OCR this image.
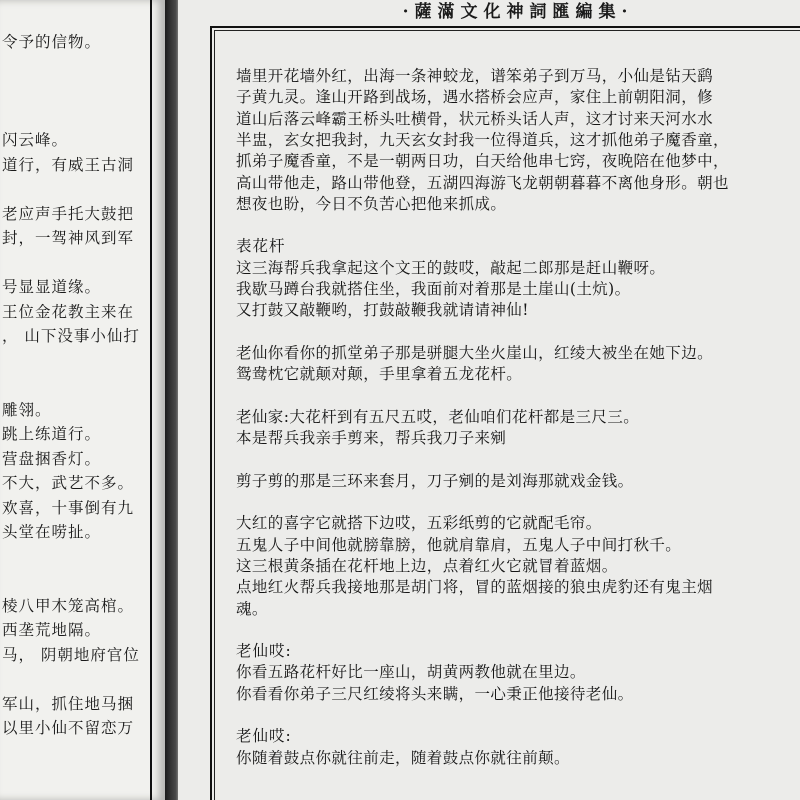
令予的信物。
闪云峰。
道行，有威王古洞
老应声手托大鼓把
封，一驾神风到军
号显显道缘。
王位金花教主来在
， 山下没事小仙打
雕翎。
跳上练道行。
营盘捆香灯。
不大，武艺不多。
欢喜，十事倒有九
头堂在唠扯。
棱八甲木笼高棺。
西垄荒地隔。
马， 阴朝地府官位
军山，抓住地马捆
以里小仙不留恋万
·薩滿文化神詞匯編集·
墙里开花墙外红，出海一条神蛟龙，谱笨弟子到万马，小仙是钻天鹞
子黄九灵。逢山开路到战场，遇水搭桥会应声，家住上前朝阳洞，修
道山后落云峰霸王桥头吐横骨，状元桥头话人声，这才讨来天河水水
半盅，玄女把我封，九天玄女封我一位得道兵，这才抓他弟子魔香童，
抓弟子魔香童，不是一朝两日功，白天给他串七窍，夜晚陪在他梦中，
高山带他走，路山带他登，五湖四海游飞龙朝朝暮暮不离他身形。朝也
想夜也盼，今日不负苦心把他来抓成。
表花杆
这三海帮兵我拿起这个文王的鼓哎，敲起二郎那是赶山鞭呀。
我歇马蹲台我就搭住坐，我面前对着那是土崖山(土炕)。
又打鼓又敲鞭哟，打鼓敲鞭我就请请神仙!
老仙你看你的抓堂弟子那是骈腿大坐火崖山，红绫大被坐在她下边。
鸳鸯枕它就颠对颠，手里拿着五龙花杆。
老仙家:大花杆到有五尺五哎，老仙咱们花杆都是三尺三。
本是帮兵我亲手剪来，帮兵我刀子来剜
剪子剪的那是三环来套月，刀子剜的是刘海那就戏金钱。
大红的喜字它就搭下边哎，五彩纸剪的它就配毛帘。
五鬼人子中间他就膀靠膀，他就肩靠肩，五鬼人子中间打秋千。
这三根黄条插在花杆地上边，点着红火它就冒着蓝烟。
点地红火帮兵我接地那是胡门将，冒的蓝烟接的狼虫虎豹还有鬼主烟
魂。
老仙哎:
你看五路花杆好比一座山，胡黄两教他就在里边。
你看看你弟子三尺红绫将头来瞒，一心秉正他接待老仙。
老仙哎:
你随着鼓点你就往前走，随着鼓点你就往前颠。
